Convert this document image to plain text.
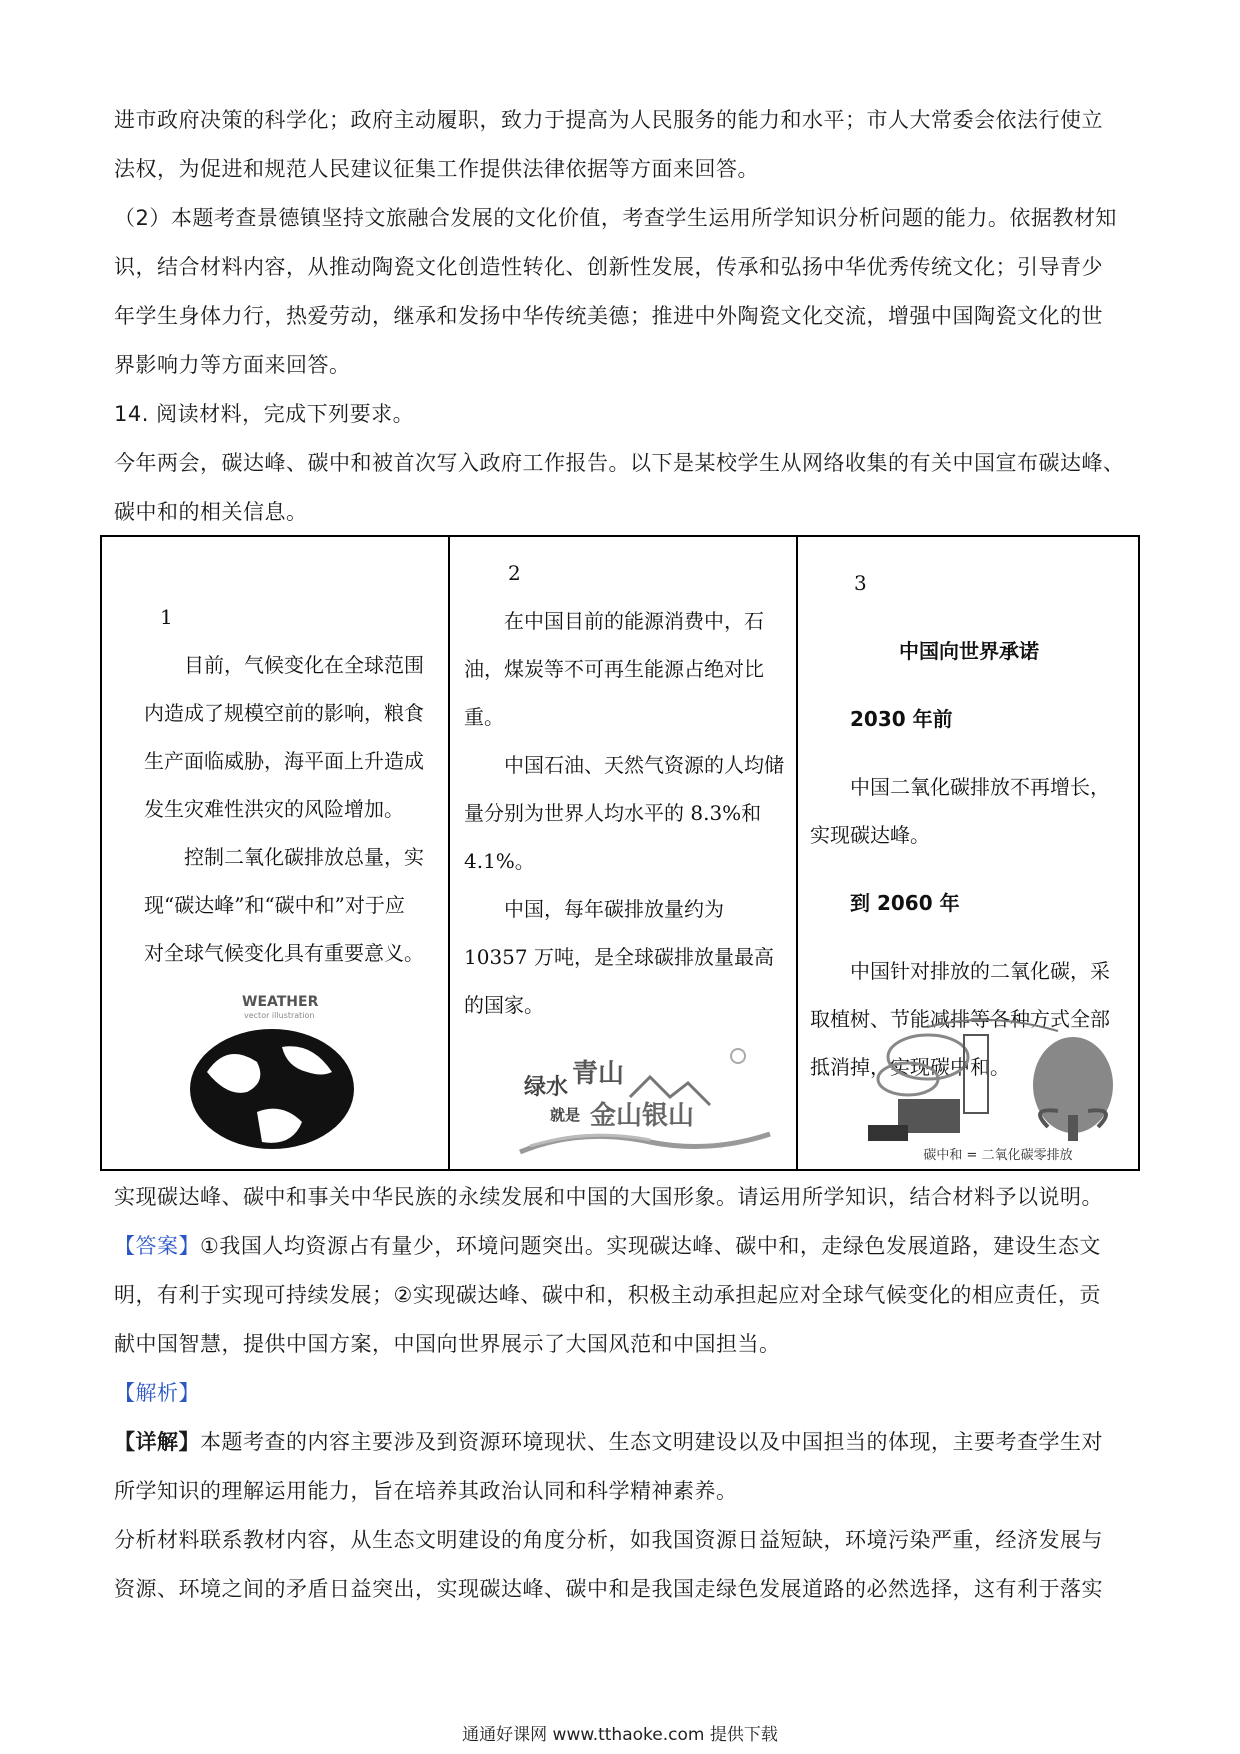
进市政府决策的科学化；政府主动履职，致力于提高为人民服务的能力和水平；市人大常委会依法行使立

法权，为促进和规范人民建议征集工作提供法律依据等方面来回答。

（2）本题考查景德镇坚持文旅融合发展的文化价值，考查学生运用所学知识分析问题的能力。依据教材知

识，结合材料内容，从推动陶瓷文化创造性转化、创新性发展，传承和弘扬中华优秀传统文化；引导青少

年学生身体力行，热爱劳动，继承和发扬中华传统美德；推进中外陶瓷文化交流，增强中国陶瓷文化的世

界影响力等方面来回答。

14. 阅读材料，完成下列要求。

今年两会，碳达峰、碳中和被首次写入政府工作报告。以下是某校学生从网络收集的有关中国宣布碳达峰、

碳中和的相关信息。

1

目前，气候变化在全球范围内造成了规模空前的影响，粮食生产面临威胁，海平面上升造成发生灾难性洪灾的风险增加。

控制二氧化碳排放总量，实现“碳达峰”和“碳中和”对于应对全球气候变化具有重要意义。

WEATHER
vector illustration

2

在中国目前的能源消费中，石油，煤炭等不可再生能源占绝对比重。

中国石油、天然气资源的人均储量分别为世界人均水平的 8.3%和 4.1%。

中国，每年碳排放量约为10357 万吨，是全球碳排放量最高的国家。

绿水 青山
就是 金山银山

3

中国向世界承诺

2030 年前

中国二氧化碳排放不再增长，实现碳达峰。

到 2060 年

中国针对排放的二氧化碳，采取植树、节能减排等各种方式全部抵消掉，实现碳中和。

碳中和 = 二氧化碳零排放

实现碳达峰、碳中和事关中华民族的永续发展和中国的大国形象。请运用所学知识，结合材料予以说明。

【答案】①我国人均资源占有量少，环境问题突出。实现碳达峰、碳中和，走绿色发展道路，建设生态文

明，有利于实现可持续发展；②实现碳达峰、碳中和，积极主动承担起应对全球气候变化的相应责任，贡

献中国智慧，提供中国方案，中国向世界展示了大国风范和中国担当。

【解析】

【详解】本题考查的内容主要涉及到资源环境现状、生态文明建设以及中国担当的体现，主要考查学生对

所学知识的理解运用能力，旨在培养其政治认同和科学精神素养。

分析材料联系教材内容，从生态文明建设的角度分析，如我国资源日益短缺，环境污染严重，经济发展与

资源、环境之间的矛盾日益突出，实现碳达峰、碳中和是我国走绿色发展道路的必然选择，这有利于落实

通通好课网 www.tthaoke.com 提供下载
